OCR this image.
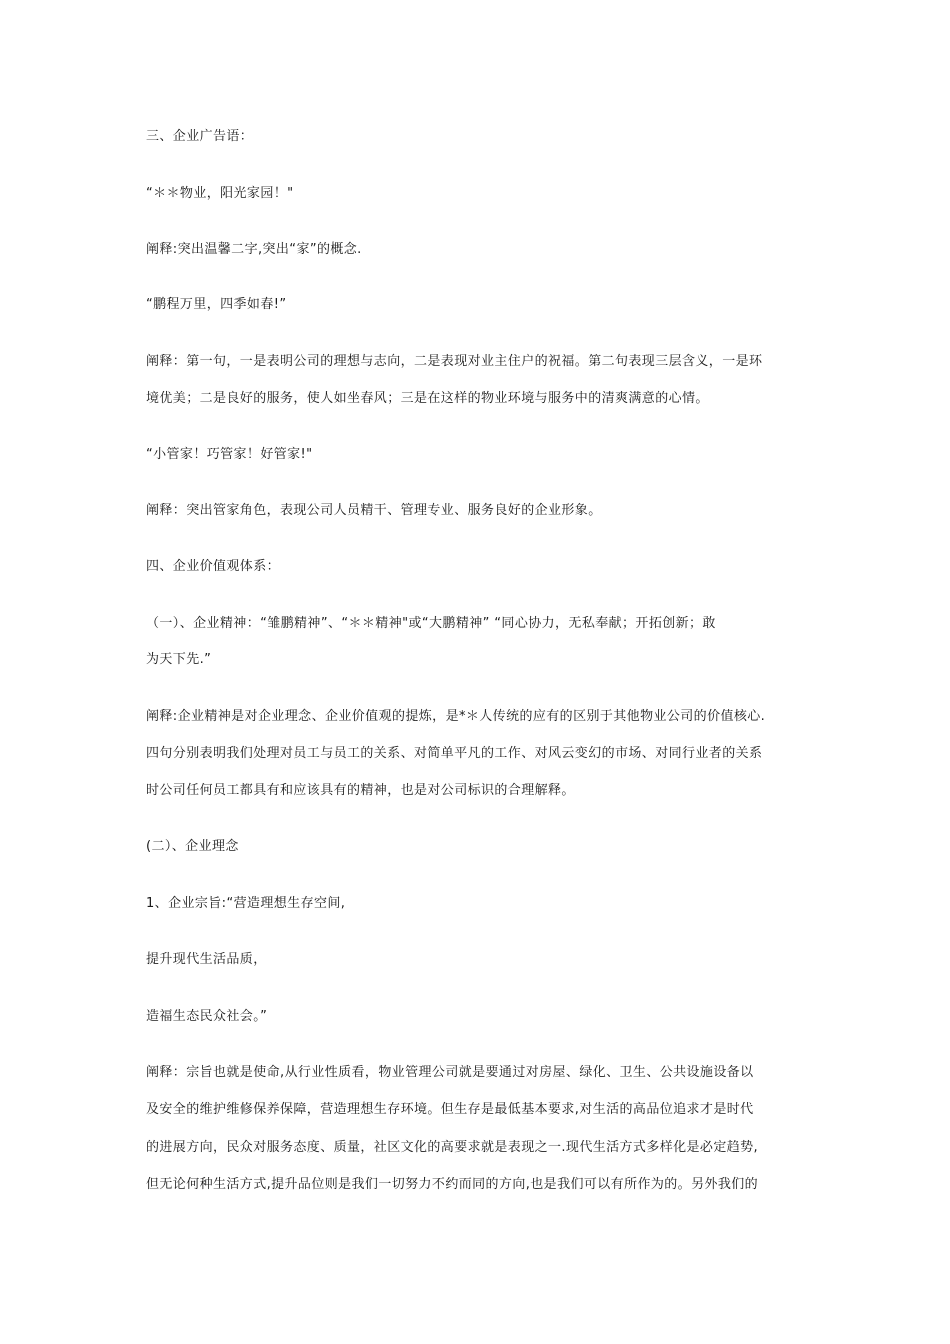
三、企业广告语：
“＊＊物业，阳光家园！"
阐释:突出温馨二字,突出“家”的概念.
“鹏程万里，四季如春!”
阐释：第一句，一是表明公司的理想与志向，二是表现对业主住户的祝福。第二句表现三层含义，一是环
境优美；二是良好的服务，使人如坐春风；三是在这样的物业环境与服务中的清爽满意的心情。
“小管家！巧管家！好管家!"
阐释：突出管家角色，表现公司人员精干、管理专业、服务良好的企业形象。
四、企业价值观体系：
（一）、企业精神：“雏鹏精神”、“＊＊精神"或“大鹏精神” “同心协力，无私奉献；开拓创新；敢
为天下先.”
阐释:企业精神是对企业理念、企业价值观的提炼，是*＊人传统的应有的区别于其他物业公司的价值核心.
四句分别表明我们处理对员工与员工的关系、对简单平凡的工作、对风云变幻的市场、对同行业者的关系
时公司任何员工都具有和应该具有的精神，也是对公司标识的合理解释。
(二）、企业理念
1、企业宗旨:“营造理想生存空间,
提升现代生活品质，
造福生态民众社会。”
阐释：宗旨也就是使命,从行业性质看，物业管理公司就是要通过对房屋、绿化、卫生、公共设施设备以
及安全的维护维修保养保障，营造理想生存环境。但生存是最低基本要求,对生活的高品位追求才是时代
的进展方向，民众对服务态度、质量，社区文化的高要求就是表现之一.现代生活方式多样化是必定趋势,
但无论何种生活方式,提升品位则是我们一切努力不约而同的方向,也是我们可以有所作为的。另外我们的
